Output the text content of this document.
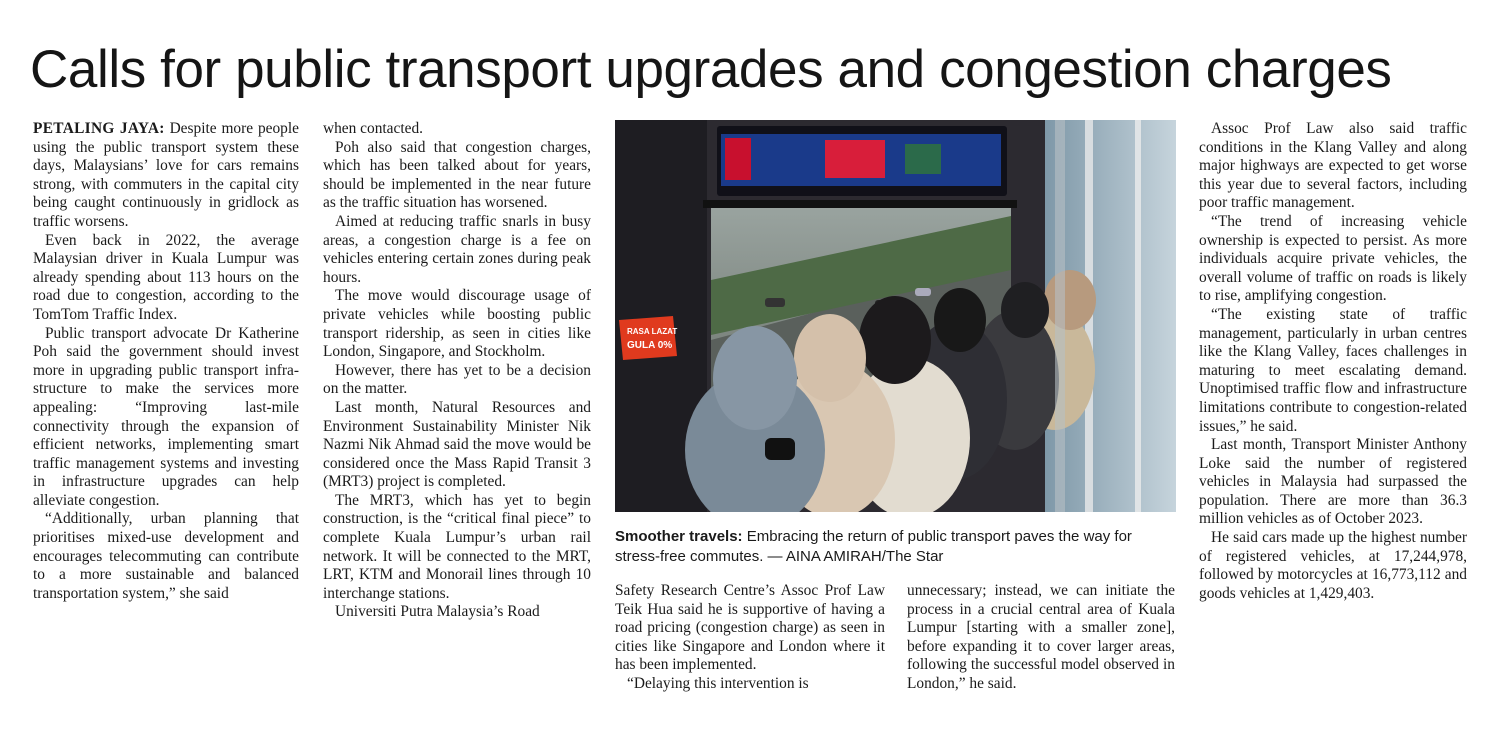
Calls for public transport upgrades and congestion charges

PETALING JAYA: Despite more people using the public transport system these days, Malaysians’ love for cars remains strong, with commuters in the capital city being caught continuously in gridlock as traffic worsens.

Even back in 2022, the average Malaysian driver in Kuala Lumpur was already spending about 113 hours on the road due to congestion, according to the TomTom Traffic Index.

Public transport advocate Dr Katherine Poh said the government should invest more in upgrading public transport infrastructure to make the services more appealing: “Improving last-mile connectivity through the expansion of efficient networks, implementing smart traffic management systems and investing in infrastructure upgrades can help alleviate congestion.

“Additionally, urban planning that prioritises mixed-use development and encourages telecommuting can contribute to a more sustainable and balanced transportation system,” she said

when contacted.

Poh also said that congestion charges, which has been talked about for years, should be implemented in the near future as the traffic situation has worsened.

Aimed at reducing traffic snarls in busy areas, a congestion charge is a fee on vehicles entering certain zones during peak hours.

The move would discourage usage of private vehicles while boosting public transport ridership, as seen in cities like London, Singapore, and Stockholm.

However, there has yet to be a decision on the matter.

Last month, Natural Resources and Environment Sustainability Minister Nik Nazmi Nik Ahmad said the move would be considered once the Mass Rapid Transit 3 (MRT3) project is completed.

The MRT3, which has yet to begin construction, is the “critical final piece” to complete Kuala Lumpur’s urban rail network. It will be connected to the MRT, LRT, KTM and Monorail lines through 10 interchange stations.

Universiti Putra Malaysia’s Road

RASA LAZAT
GULA 0%
Smoother travels: Embracing the return of public transport paves the way for stress-free commutes. — AINA AMIRAH/The Star

Safety Research Centre’s Assoc Prof Law Teik Hua said he is supportive of having a road pricing (congestion charge) as seen in cities like Singapore and London where it has been implemented.

“Delaying this intervention is

unnecessary; instead, we can initiate the process in a crucial central area of Kuala Lumpur [starting with a smaller zone], before expanding it to cover larger areas, following the successful model observed in London,” he said.

Assoc Prof Law also said traffic conditions in the Klang Valley and along major highways are expected to get worse this year due to several factors, including poor traffic management.

“The trend of increasing vehicle ownership is expected to persist. As more individuals acquire private vehicles, the overall volume of traffic on roads is likely to rise, amplifying congestion.

“The existing state of traffic management, particularly in urban centres like the Klang Valley, faces challenges in maturing to meet escalating demand. Unoptimised traffic flow and infrastructure limitations contribute to congestion-related issues,” he said.

Last month, Transport Minister Anthony Loke said the number of registered vehicles in Malaysia had surpassed the population. There are more than 36.3 million vehicles as of October 2023.

He said cars made up the highest number of registered vehicles, at 17,244,978, followed by motorcycles at 16,773,112 and goods vehicles at 1,429,403.
